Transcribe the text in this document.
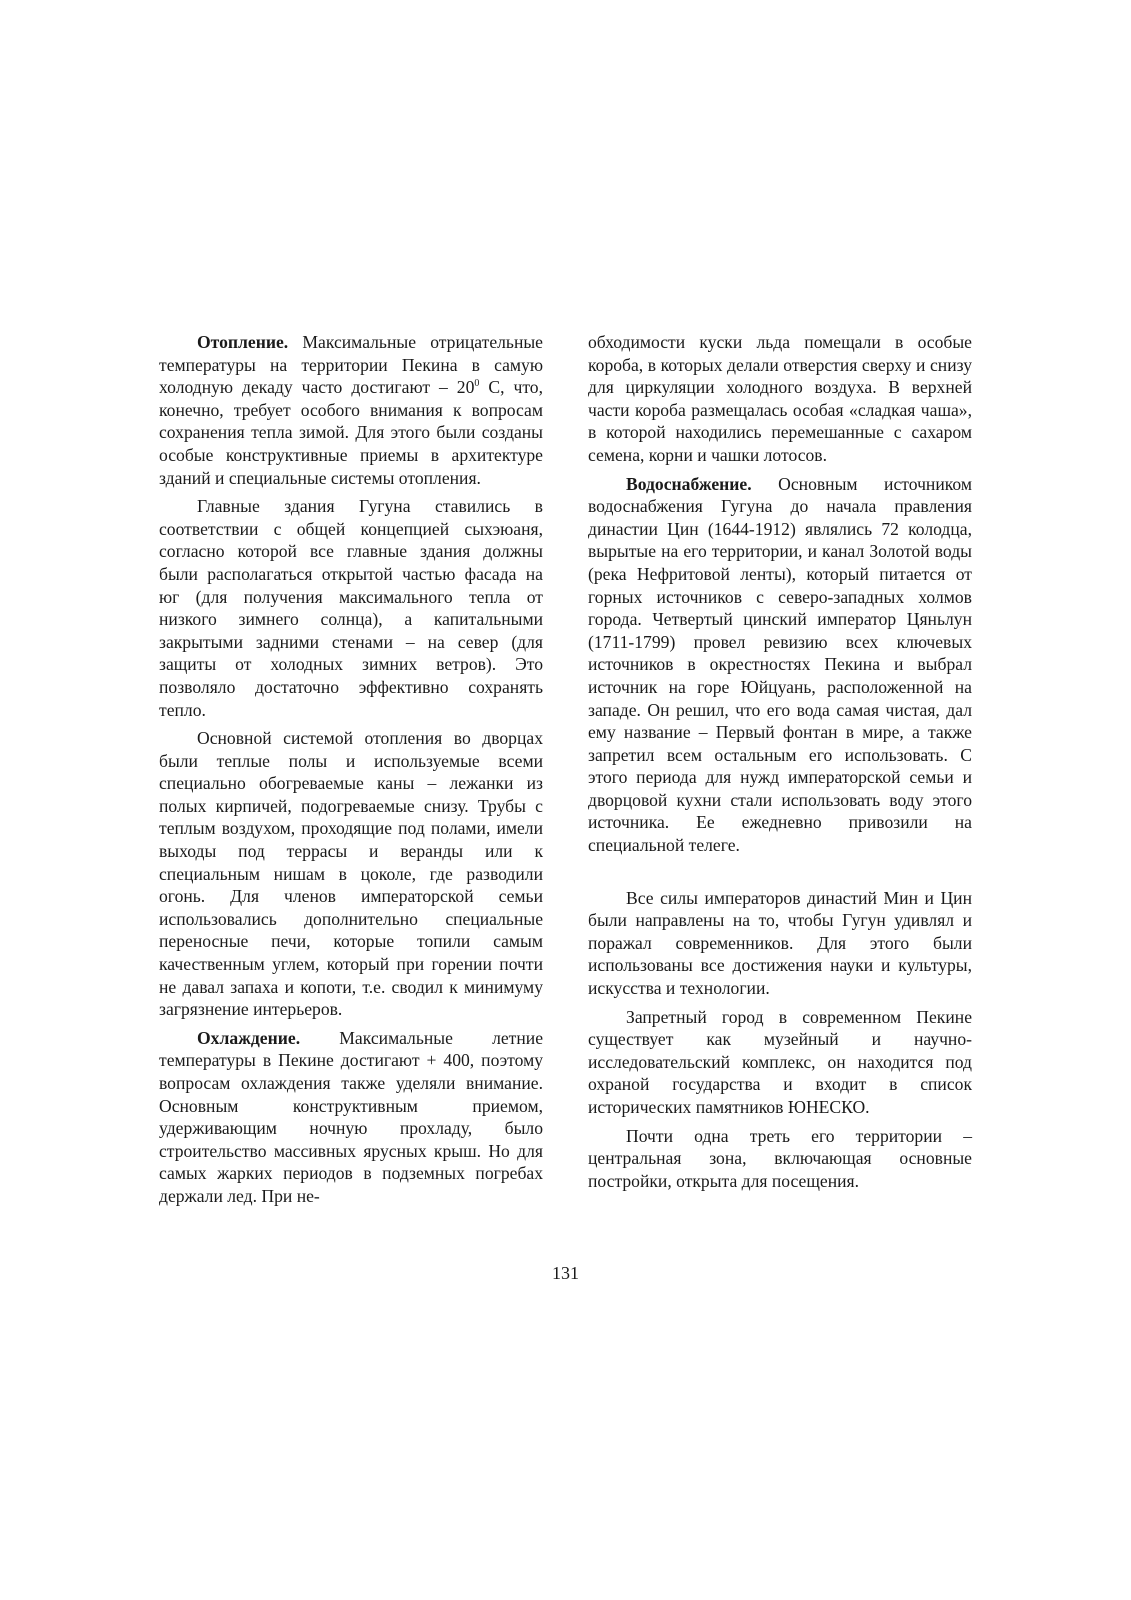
Отопление. Максимальные отрицательные температуры на территории Пекина в самую холодную декаду часто достигают – $20^0$ С, что, конечно, требует особого внимания к вопросам сохранения тепла зимой. Для этого были созданы особые конструктивные приемы в архитектуре зданий и специальные системы отопления.

Главные здания Гугуна ставились в соответствии с общей концепцией сыхэюаня, согласно которой все главные здания должны были располагаться открытой частью фасада на юг (для получения максимального тепла от низкого зимнего солнца), а капитальными закрытыми задними стенами – на север (для защиты от холодных зимних ветров). Это позволяло достаточно эффективно сохранять тепло.

Основной системой отопления во дворцах были теплые полы и используемые всеми специально обогреваемые каны – лежанки из полых кирпичей, подогреваемые снизу. Трубы с теплым воздухом, проходящие под полами, имели выходы под террасы и веранды или к специальным нишам в цоколе, где разводили огонь. Для членов императорской семьи использовались дополнительно специальные переносные печи, которые топили самым качественным углем, который при горении почти не давал запаха и копоти, т.е. сводил к минимуму загрязнение интерьеров.

Охлаждение. Максимальные летние температуры в Пекине достигают + 400, поэтому вопросам охлаждения также уделяли внимание. Основным конструктивным приемом, удерживающим ночную прохладу, было строительство массивных ярусных крыш. Но для самых жарких периодов в подземных погребах держали лед. При не-

обходимости куски льда помещали в особые короба, в которых делали отверстия сверху и снизу для циркуляции холодного воздуха. В верхней части короба размещалась особая «сладкая чаша», в которой находились перемешанные с сахаром семена, корни и чашки лотосов.

Водоснабжение. Основным источником водоснабжения Гугуна до начала правления династии Цин (1644-1912) являлись 72 колодца, вырытые на его территории, и канал Золотой воды (река Нефритовой ленты), который питается от горных источников с северо-западных холмов города. Четвертый цинский император Цяньлун (1711-1799) провел ревизию всех ключевых источников в окрестностях Пекина и выбрал источник на горе Юйцуань, расположенной на западе. Он решил, что его вода самая чистая, дал ему название – Первый фонтан в мире, а также запретил всем остальным его использовать. С этого периода для нужд императорской семьи и дворцовой кухни стали использовать воду этого источника. Ее ежедневно привозили на специальной телеге.

Все силы императоров династий Мин и Цин были направлены на то, чтобы Гугун удивлял и поражал современников. Для этого были использованы все достижения науки и культуры, искусства и технологии.

Запретный город в современном Пекине существует как музейный и научно-исследовательский комплекс, он находится под охраной государства и входит в список исторических памятников ЮНЕСКО.

Почти одна треть его территории – центральная зона, включающая основные постройки, открыта для посещения.

131
